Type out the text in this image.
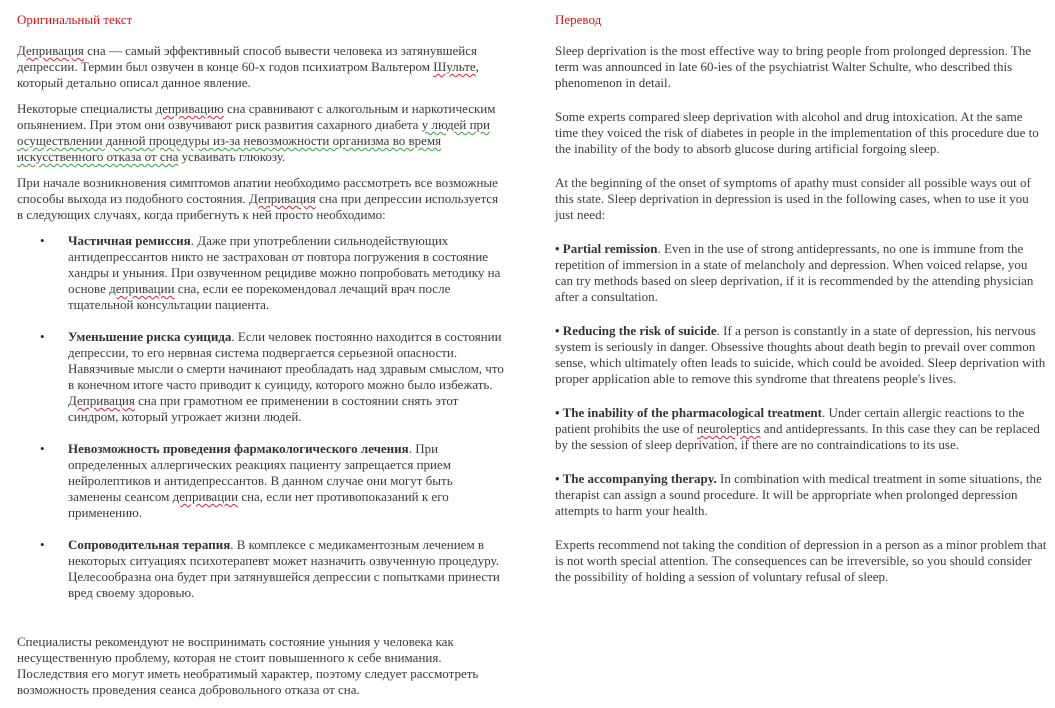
Оригинальный текст
Депривация сна — самый эффективный способ вывести человека из затянувшейся депрессии. Термин был озвучен в конце 60-х годов психиатром Вальтером Шульте, который детально описал данное явление.
Некоторые специалисты депривацию сна сравнивают с алкогольным и наркотическим опьянением. При этом они озвучивают риск развития сахарного диабета у людей при осуществлении данной процедуры из-за невозможности организма во время искусственного отказа от сна усваивать глюкозу.
При начале возникновения симптомов апатии необходимо рассмотреть все возможные способы выхода из подобного состояния. Депривация сна при депрессии используется в следующих случаях, когда прибегнуть к ней просто необходимо:
•	Частичная ремиссия. Даже при употреблении сильнодействующих антидепрессантов никто не застрахован от повтора погружения в состояние хандры и уныния. При озвученном рецидиве можно попробовать методику на основе депривации сна, если ее порекомендовал лечащий врач после тщательной консультации пациента.
•	Уменьшение риска суицида. Если человек постоянно находится в состоянии депрессии, то его нервная система подвергается серьезной опасности. Навязчивые мысли о смерти начинают преобладать над здравым смыслом, что в конечном итоге часто приводит к суициду, которого можно было избежать. Депривация сна при грамотном ее применении в состоянии снять этот синдром, который угрожает жизни людей.
•	Невозможность проведения фармакологического лечения. При определенных аллергических реакциях пациенту запрещается прием нейролептиков и антидепрессантов. В данном случае они могут быть заменены сеансом депривации сна, если нет противопоказаний к его применению.
•	Сопроводительная терапия. В комплексе с медикаментозным лечением в некоторых ситуациях психотерапевт может назначить озвученную процедуру. Целесообразна она будет при затянувшейся депрессии с попытками принести вред своему здоровью.
Специалисты рекомендуют не воспринимать состояние уныния у человека как несущественную проблему, которая не стоит повышенного к себе внимания. Последствия его могут иметь необратимый характер, поэтому следует рассмотреть возможность проведения сеанса добровольного отказа от сна.
Перевод
Sleep deprivation is the most effective way to bring people from prolonged depression. The term was announced in late 60-ies of the psychiatrist Walter Schulte, who described this phenomenon in detail.
Some experts compared sleep deprivation with alcohol and drug intoxication. At the same time they voiced the risk of diabetes in people in the implementation of this procedure due to the inability of the body to absorb glucose during artificial forgoing sleep.
At the beginning of the onset of symptoms of apathy must consider all possible ways out of this state. Sleep deprivation in depression is used in the following cases, when to use it you just need:
• Partial remission. Even in the use of strong antidepressants, no one is immune from the repetition of immersion in a state of melancholy and depression. When voiced relapse, you can try methods based on sleep deprivation, if it is recommended by the attending physician after a consultation.
• Reducing the risk of suicide. If a person is constantly in a state of depression, his nervous system is seriously in danger. Obsessive thoughts about death begin to prevail over common sense, which ultimately often leads to suicide, which could be avoided. Sleep deprivation with proper application able to remove this syndrome that threatens people's lives.
• The inability of the pharmacological treatment. Under certain allergic reactions to the patient prohibits the use of neuroleptics and antidepressants. In this case they can be replaced by the session of sleep deprivation, if there are no contraindications to its use.
• The accompanying therapy. In combination with medical treatment in some situations, the therapist can assign a sound procedure. It will be appropriate when prolonged depression attempts to harm your health.
Experts recommend not taking the condition of depression in a person as a minor problem that is not worth special attention. The consequences can be irreversible, so you should consider the possibility of holding a session of voluntary refusal of sleep.
